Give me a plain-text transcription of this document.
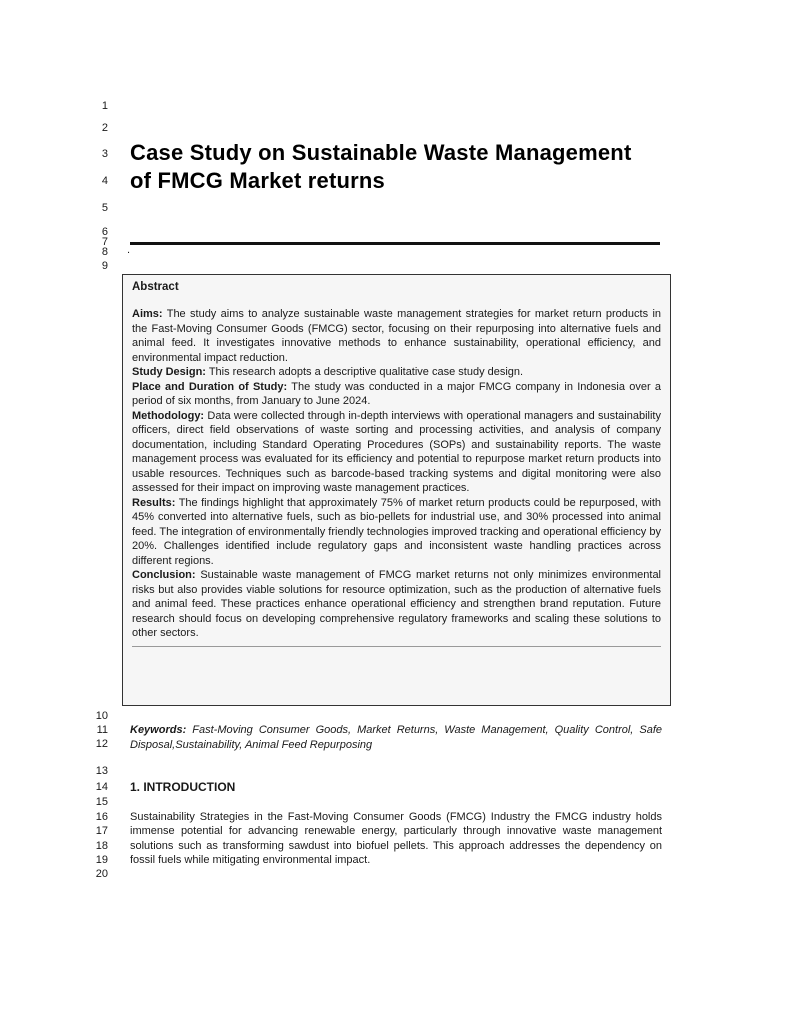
1
2
3
4
5
6
7
8
9
10
11
12
13
14
15
16
17
18
19
20
Case Study on Sustainable Waste Management
of FMCG Market returns
.
Abstract

Aims: The study aims to analyze sustainable waste management strategies for market return products in the Fast-Moving Consumer Goods (FMCG) sector, focusing on their repurposing into alternative fuels and animal feed. It investigates innovative methods to enhance sustainability, operational efficiency, and environmental impact reduction.

Study Design: This research adopts a descriptive qualitative case study design.

Place and Duration of Study: The study was conducted in a major FMCG company in Indonesia over a period of six months, from January to June 2024.

Methodology: Data were collected through in-depth interviews with operational managers and sustainability officers, direct field observations of waste sorting and processing activities, and analysis of company documentation, including Standard Operating Procedures (SOPs) and sustainability reports. The waste management process was evaluated for its efficiency and potential to repurpose market return products into usable resources. Techniques such as barcode-based tracking systems and digital monitoring were also assessed for their impact on improving waste management practices.

Results: The findings highlight that approximately 75% of market return products could be repurposed, with 45% converted into alternative fuels, such as bio-pellets for industrial use, and 30% processed into animal feed. The integration of environmentally friendly technologies improved tracking and operational efficiency by 20%. Challenges identified include regulatory gaps and inconsistent waste handling practices across different regions.

Conclusion: Sustainable waste management of FMCG market returns not only minimizes environmental risks but also provides viable solutions for resource optimization, such as the production of alternative fuels and animal feed. These practices enhance operational efficiency and strengthen brand reputation. Future research should focus on developing comprehensive regulatory frameworks and scaling these solutions to other sectors.

Keywords: Fast-Moving Consumer Goods, Market Returns, Waste Management, Quality Control, Safe Disposal,Sustainability, Animal Feed Repurposing

1. INTRODUCTION

Sustainability Strategies in the Fast-Moving Consumer Goods (FMCG) Industry the FMCG industry holds immense potential for advancing renewable energy, particularly through innovative waste management solutions such as transforming sawdust into biofuel pellets. This approach addresses the dependency on fossil fuels while mitigating environmental impact.
